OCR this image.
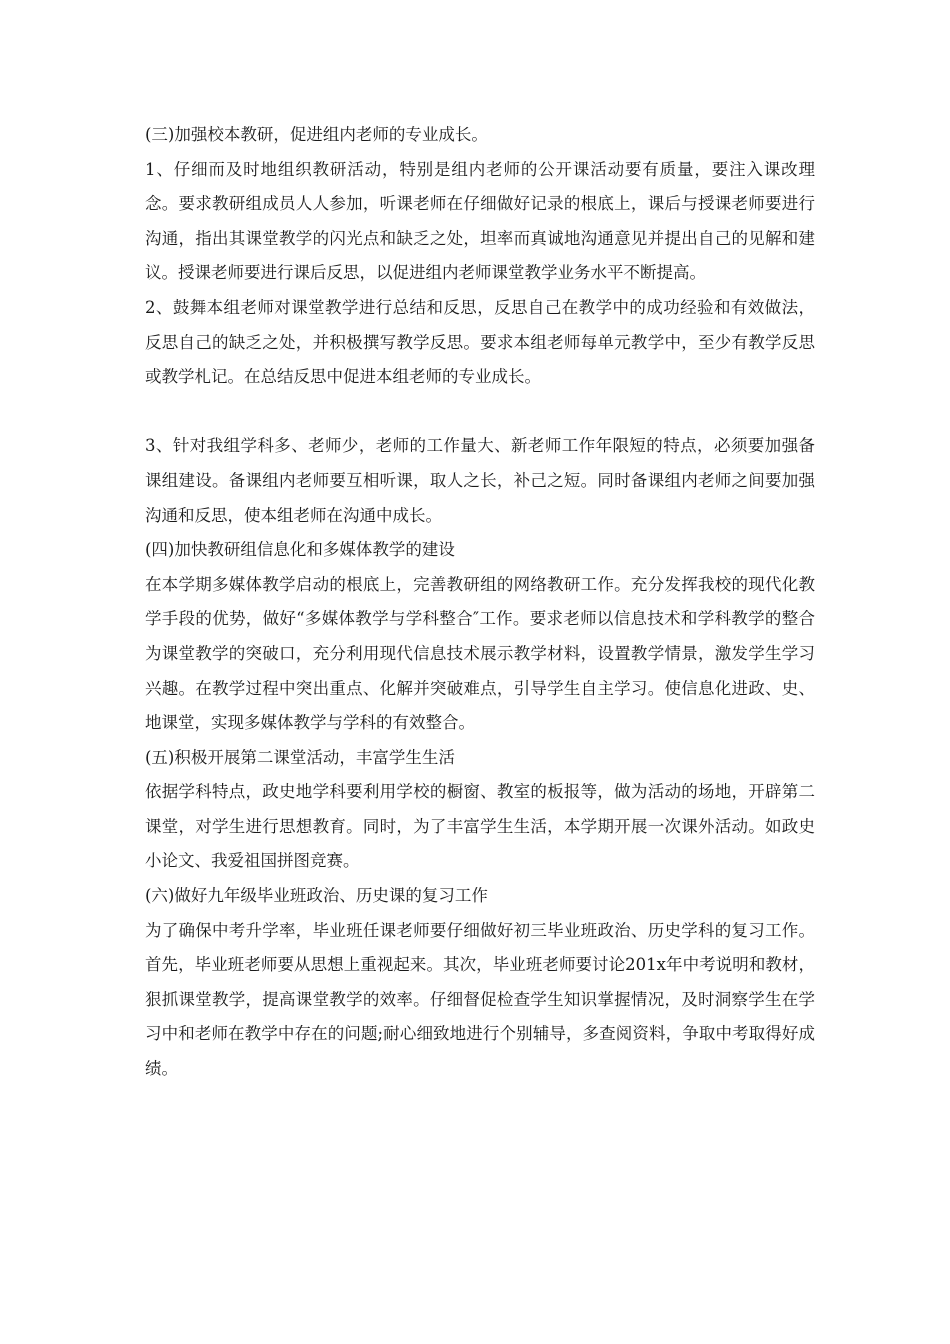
(三)加强校本教研，促进组内老师的专业成长。

1、仔细而及时地组织教研活动，特别是组内老师的公开课活动要有质量，要注入课改理念。要求教研组成员人人参加，听课老师在仔细做好记录的根底上，课后与授课老师要进行沟通，指出其课堂教学的闪光点和缺乏之处，坦率而真诚地沟通意见并提出自己的见解和建议。授课老师要进行课后反思，以促进组内老师课堂教学业务水平不断提高。

2、鼓舞本组老师对课堂教学进行总结和反思，反思自己在教学中的成功经验和有效做法，反思自己的缺乏之处，并积极撰写教学反思。要求本组老师每单元教学中，至少有教学反思或教学札记。在总结反思中促进本组老师的专业成长。

3、针对我组学科多、老师少，老师的工作量大、新老师工作年限短的特点，必须要加强备课组建设。备课组内老师要互相听课，取人之长，补己之短。同时备课组内老师之间要加强沟通和反思，使本组老师在沟通中成长。

(四)加快教研组信息化和多媒体教学的建设

在本学期多媒体教学启动的根底上，完善教研组的网络教研工作。充分发挥我校的现代化教学手段的优势，做好“多媒体教学与学科整合″工作。要求老师以信息技术和学科教学的整合为课堂教学的突破口，充分利用现代信息技术展示教学材料，设置教学情景，激发学生学习兴趣。在教学过程中突出重点、化解并突破难点，引导学生自主学习。使信息化进政、史、地课堂，实现多媒体教学与学科的有效整合。

(五)积极开展第二课堂活动，丰富学生生活

依据学科特点，政史地学科要利用学校的橱窗、教室的板报等，做为活动的场地，开辟第二课堂，对学生进行思想教育。同时，为了丰富学生生活，本学期开展一次课外活动。如政史小论文、我爱祖国拼图竞赛。

(六)做好九年级毕业班政治、历史课的复习工作

为了确保中考升学率，毕业班任课老师要仔细做好初三毕业班政治、历史学科的复习工作。首先，毕业班老师要从思想上重视起来。其次，毕业班老师要讨论201x年中考说明和教材，狠抓课堂教学，提高课堂教学的效率。仔细督促检查学生知识掌握情况，及时洞察学生在学习中和老师在教学中存在的问题;耐心细致地进行个别辅导，多查阅资料，争取中考取得好成绩。
